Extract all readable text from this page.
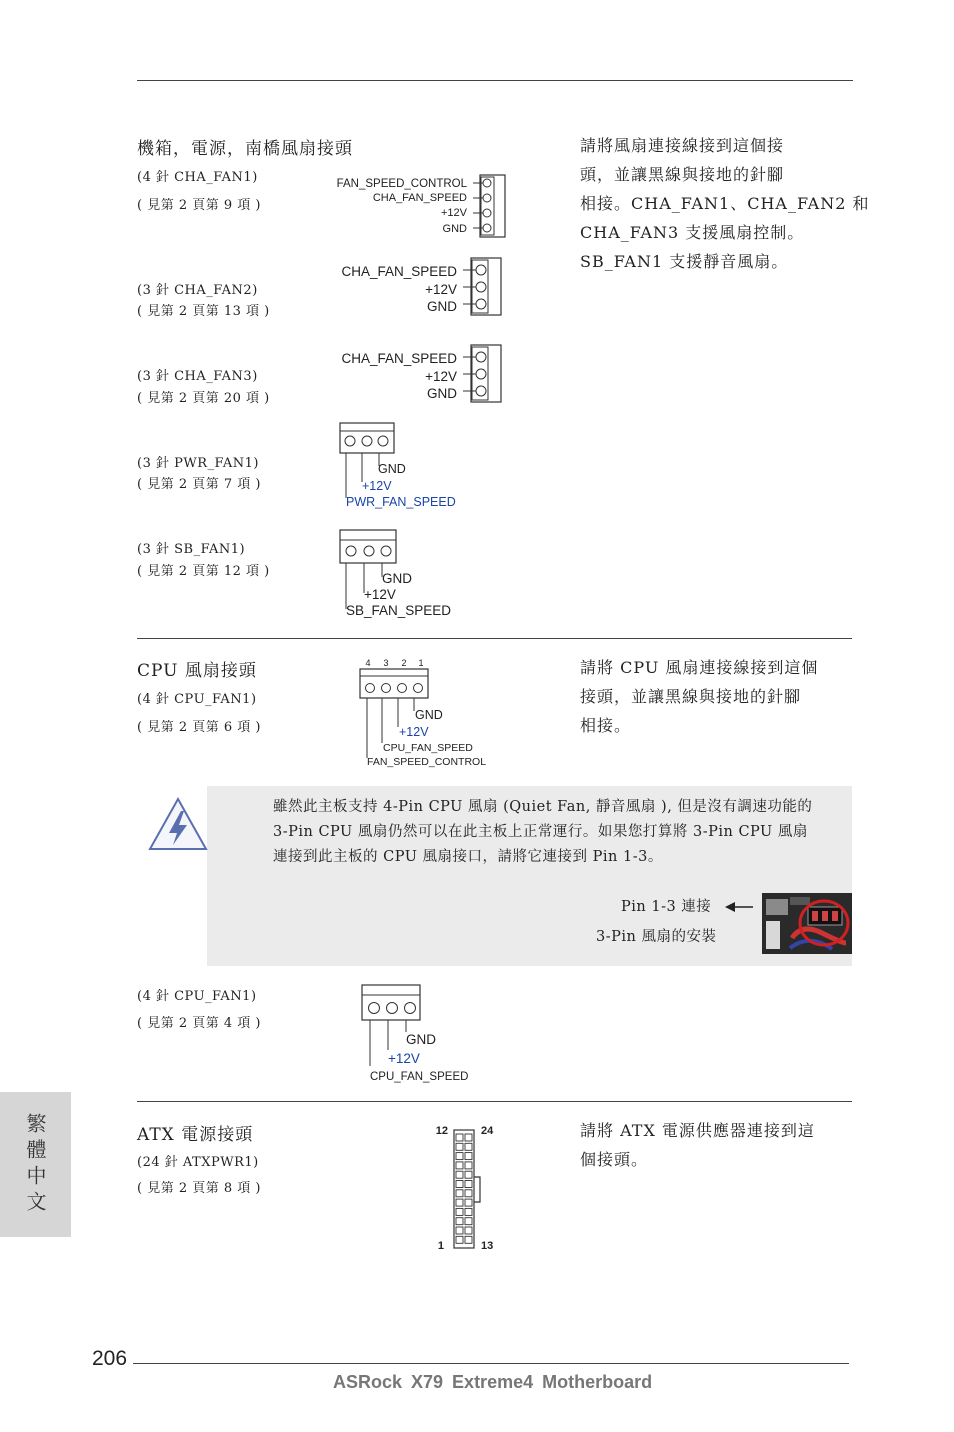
繁體中文
機箱，電源，南橋風扇接頭	請將風扇連接線接到這個接
頭，並讓黑線與接地的針腳
相接。CHA_FAN1、CHA_FAN2 和
CHA_FAN3 支援風扇控制。
SB_FAN1 支援靜音風扇。
(4 針 CHA_FAN1)
( 見第 2 頁第 9 項 )
FAN_SPEED_CONTROL
CHA_FAN_SPEED
+12V
GND
(3 針 CHA_FAN2)
( 見第 2 頁第 13 項 )
CHA_FAN_SPEED
+12V
GND
(3 針 CHA_FAN3)
( 見第 2 頁第 20 項 )
CHA_FAN_SPEED
+12V
GND
(3 針 PWR_FAN1)
( 見第 2 頁第 7 項 )
GND
+12V
PWR_FAN_SPEED
(3 針 SB_FAN1)
( 見第 2 頁第 12 項 )	GND
+12V
SB_FAN_SPEED
CPU 風扇接頭
(4 針 CPU_FAN1)
( 見第 2 頁第 6 項 )
請將 CPU 風扇連接線接到這個
接頭，並讓黑線與接地的針腳
相接。
4 3 2 1
GND
+12V
CPU_FAN_SPEED
FAN_SPEED_CONTROL
雖然此主板支持 4-Pin CPU 風扇 (Quiet Fan, 靜音風扇 ), 但是沒有調速功能的
3-Pin CPU 風扇仍然可以在此主板上正常運行。如果您打算將 3-Pin CPU 風扇
連接到此主板的 CPU 風扇接口，請將它連接到 Pin 1-3。
Pin 1-3 連接
3-Pin 風扇的安裝
(4 針 CPU_FAN1)
( 見第 2 頁第 4 項 )
GND
+12V
CPU_FAN_SPEED
ATX 電源接頭
(24 針 ATXPWR1)
( 見第 2 頁第 8 項 )
請將 ATX 電源供應器連接到這
個接頭。
12	24
1	13
206
ASRock X79 Extreme4 Motherboard
